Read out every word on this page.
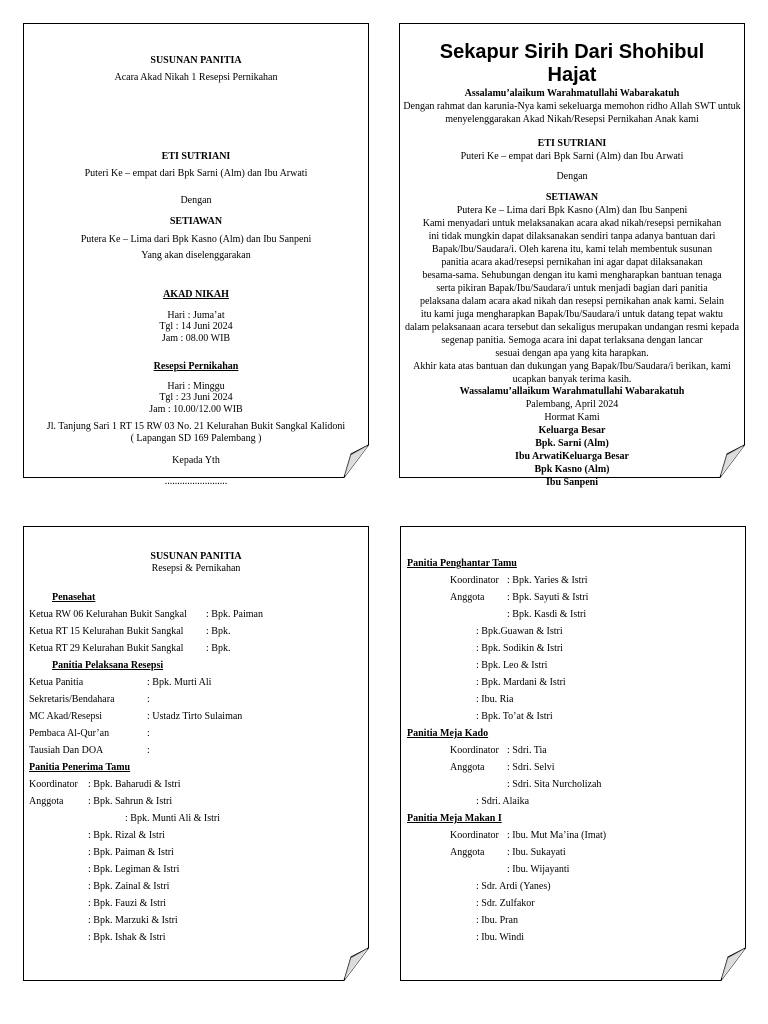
SUSUNAN PANITIA
Acara Akad Nikah 1 Resepsi Pernikahan
ETI SUTRIANI
Puteri Ke – empat dari Bpk Sarni (Alm) dan Ibu Arwati
Dengan
SETIAWAN
Putera Ke – Lima dari Bpk Kasno (Alm) dan Ibu Sanpeni
Yang akan diselenggarakan
AKAD NIKAH
Hari : Juma’at
Tgl : 14 Juni 2024
Jam : 08.00 WIB
Resepsi Pernikahan
Hari : Minggu
Tgl : 23 Juni 2024
Jam : 10.00/12.00 WIB
Jl. Tanjung Sari 1 RT 15 RW 03 No. 21 Kelurahan Bukit Sangkal Kalidoni
( Lapangan SD 169 Palembang )
Kepada Yth
.........................
Sekapur Sirih Dari Shohibul Hajat
Assalamu’alaikum Warahmatullahi Wabarakatuh
Dengan rahmat dan karunia-Nya kami sekeluarga memohon ridho Allah SWT untuk
menyelenggarakan Akad Nikah/Resepsi Pernikahan Anak kami
ETI SUTRIANI
Puteri Ke – empat dari Bpk Sarni (Alm) dan Ibu Arwati
Dengan
SETIAWAN
Putera Ke – Lima dari Bpk Kasno (Alm) dan Ibu Sanpeni
Kami menyadari untuk melaksanakan acara akad nikah/resepsi pernikahan
ini tidak mungkin dapat dilaksanakan sendiri tanpa adanya bantuan dari
Bapak/Ibu/Saudara/i. Oleh karena itu, kami telah membentuk susunan
panitia acara akad/resepsi pernikahan ini agar dapat dilaksanakan
besama-sama. Sehubungan dengan itu kami mengharapkan bantuan tenaga
serta pikiran Bapak/Ibu/Saudara/i untuk menjadi bagian dari panitia
pelaksana dalam acara akad nikah dan resepsi pernikahan anak kami. Selain
itu kami juga mengharapkan Bapak/Ibu/Saudara/i untuk datang tepat waktu
dalam pelaksanaan acara tersebut dan sekaligus merupakan undangan resmi kepada
segenap panitia. Semoga acara ini dapat terlaksana dengan lancar
sesuai dengan apa yang kita harapkan.
Akhir kata atas bantuan dan dukungan yang Bapak/Ibu/Saudara/i berikan, kami
ucapkan banyak terima kasih.
Wassalamu’allaikum Warahmatullahi Wabarakatuh
Palembang, April 2024
Hormat Kami
Keluarga Besar
Bpk. Sarni (Alm)
Ibu ArwatiKeluarga Besar
Bpk Kasno (Alm)
Ibu Sanpeni
SUSUNAN PANITIA
Resepsi & Pernikahan
Penasehat
Ketua RW 06 Kelurahan Bukit Sangkal : Bpk. Paiman
Ketua RT 15 Kelurahan Bukit Sangkal : Bpk.
Ketua RT 29 Kelurahan Bukit Sangkal : Bpk.
Panitia Pelaksana Resepsi
Ketua Panitia	: Bpk. Murti Ali
Sekretaris/Bendahara	:
MC Akad/Resepsi	: Ustadz Tirto Sulaiman
Pembaca Al-Qur’an	:
Tausiah Dan DOA	:
Panitia Penerima Tamu
Koordinator : Bpk. Baharudi & Istri
Anggota : Bpk. Sahrun & Istri
: Bpk. Munti Ali & Istri
: Bpk. Rizal & Istri
: Bpk. Paiman & Istri
: Bpk. Legiman & Istri
: Bpk. Zainal & Istri
: Bpk. Fauzi & Istri
: Bpk. Marzuki & Istri
: Bpk. Ishak & Istri
Panitia Penghantar Tamu
Koordinator : Bpk. Yaries & Istri
Anggota : Bpk. Sayuti & Istri
: Bpk. Kasdi & Istri
: Bpk.Guawan & Istri
: Bpk. Sodikin & Istri
: Bpk. Leo & Istri
: Bpk. Mardani & Istri
: Ibu. Ria
: Bpk. To’at & Istri
Panitia Meja Kado
Koordinator : Sdri. Tia
Anggota : Sdri. Selvi
: Sdri. Sita Nurcholizah
: Sdri. Alaika
Panitia Meja Makan I
Koordinator : Ibu. Mut Ma’ina (Imat)
Anggota : Ibu. Sukayati
: Ibu. Wijayanti
: Sdr. Ardi (Yanes)
: Sdr. Zulfakor
: Ibu. Pran
: Ibu. Windi
